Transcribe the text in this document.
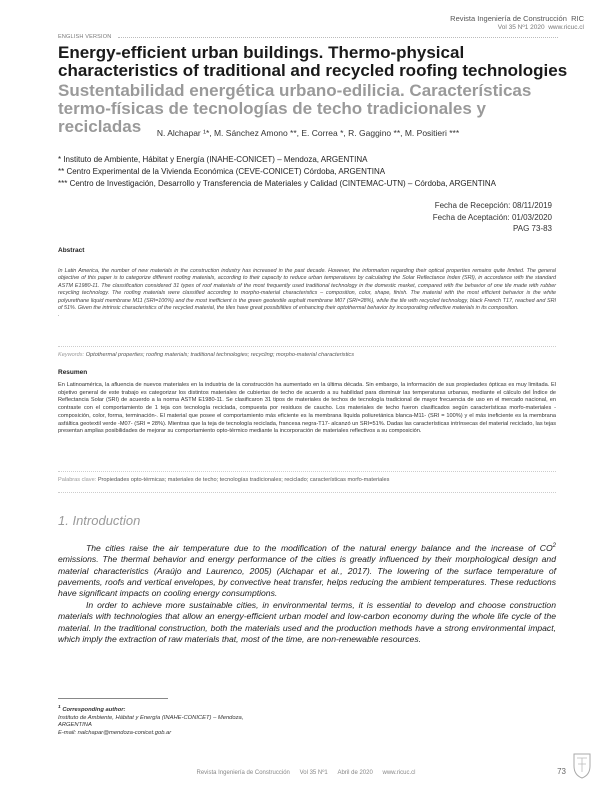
Revista Ingeniería de Construcción RIC
Vol 35 Nº1 2020 www.ricuc.cl
ENGLISH VERSION
Energy-efficient urban buildings. Thermo-physical characteristics of traditional and recycled roofing technologies
Sustentabilidad energética urbano-edilicia. Características termo-físicas de tecnologías de techo tradicionales y recicladas	N. Alchapar ¹*, M. Sánchez Amono **, E. Correa *, R. Gaggino **, M. Positieri ***
* Instituto de Ambiente, Hábitat y Energía (INAHE-CONICET) – Mendoza, ARGENTINA
** Centro Experimental de la Vivienda Económica (CEVE-CONICET) Córdoba, ARGENTINA
*** Centro de Investigación, Desarrollo y Transferencia de Materiales y Calidad (CINTEMAC-UTN) – Córdoba, ARGENTINA
Fecha de Recepción: 08/11/2019
Fecha de Aceptación: 01/03/2020
PAG 73-83
Abstract
In Latin America, the number of new materials in the construction industry has increased in the past decade. However, the information regarding their optical properties remains quite limited. The general objective of this paper is to categorize different roofing materials, according to their capacity to reduce urban temperatures by calculating the Solar Reflectance Index (SRI), in accordance with the standard ASTM E1980-11. The classification considered 31 types of roof materials of the most frequently used traditional technology in the domestic market, compared with the behavior of one tile made with rubber recycling technology. The roofing materials were classified according to morpho-material characteristics – composition, color, shape, finish. The material with the most efficient behavior is the white polyurethane liquid membrane M11 (SRI=100%) and the most inefficient is the green geotextile asphalt membrane M07 (SRI=28%), while the tile with recycled technology, black French T17, reached and SRI of 51%. Given the intrinsic characteristics of the recycled material, the tiles have great possibilities of enhancing their optothermal behavior by incorporating reflective materials in its composition.
.
Keywords: Optothermal properties; roofing materials; traditional technologies; recycling; morpho-material characteristics
Resumen
En Latinoamérica, la afluencia de nuevos materiales en la industria de la construcción ha aumentado en la última década. Sin embargo, la información de sus propiedades ópticas es muy limitada. El objetivo general de este trabajo es categorizar los distintos materiales de cubiertas de techo de acuerdo a su habilidad para disminuir las temperaturas urbanas, mediante el cálculo del Índice de Reflectancia Solar (SRI) de acuerdo a la norma ASTM E1980-11. Se clasificaron 31 tipos de materiales de techos de tecnología tradicional de mayor frecuencia de uso en el mercado nacional, en contraste con el comportamiento de 1 teja con tecnología reciclada, compuesta por residuos de caucho. Los materiales de techo fueron clasificados según características morfo-materiales -composición, color, forma, terminación-. El material que posee el comportamiento más eficiente es la membrana líquida poliuretánica blanca-M11- (SRI = 100%) y el más ineficiente es la membrana asfáltica geotextil verde -M07- (SRI = 28%). Mientras que la teja de tecnología reciclada, francesa negra-T17- alcanzó un SRI=51%. Dadas las características intrínsecas del material reciclado, las tejas presentan amplias posibilidades de mejorar su comportamiento opto-térmico mediante la incorporación de materiales reflectivos a su composición.
Palabras clave: Propiedades opto-térmicas; materiales de techo; tecnologías tradicionales; reciclado; características morfo-materiales
1. Introduction

The cities raise the air temperature due to the modification of the natural energy balance and the increase of $CO^2$ emissions. The thermal behavior and energy performance of the cities is greatly influenced by their morphological design and material characteristics (Araújo and Laurenco, 2005) (Alchapar et al., 2017). The lowering of the surface temperature of pavements, roofs and vertical envelopes, by convective heat transfer, helps reducing the ambient temperatures. These reductions have significant impacts on cooling energy consumptions.

In order to achieve more sustainable cities, in environmental terms, it is essential to develop and choose construction materials with technologies that allow an energy-efficient urban model and low-carbon economy during the whole life cycle of the material. In the traditional construction, both the materials used and the production methods have a strong environmental impact, which imply the extraction of raw materials that, most of the time, are non-renewable resources.

$^1$ Corresponding author:
Instituto de Ambiente, Hábitat y Energía (INAHE-CONICET) – Mendoza, ARGENTINA
E-mail: nalchapar@mendoza-conicet.gob.ar
Revista Ingeniería de Construcción Vol 35 Nº1 Abril de 2020 www.ricuc.cl	73
